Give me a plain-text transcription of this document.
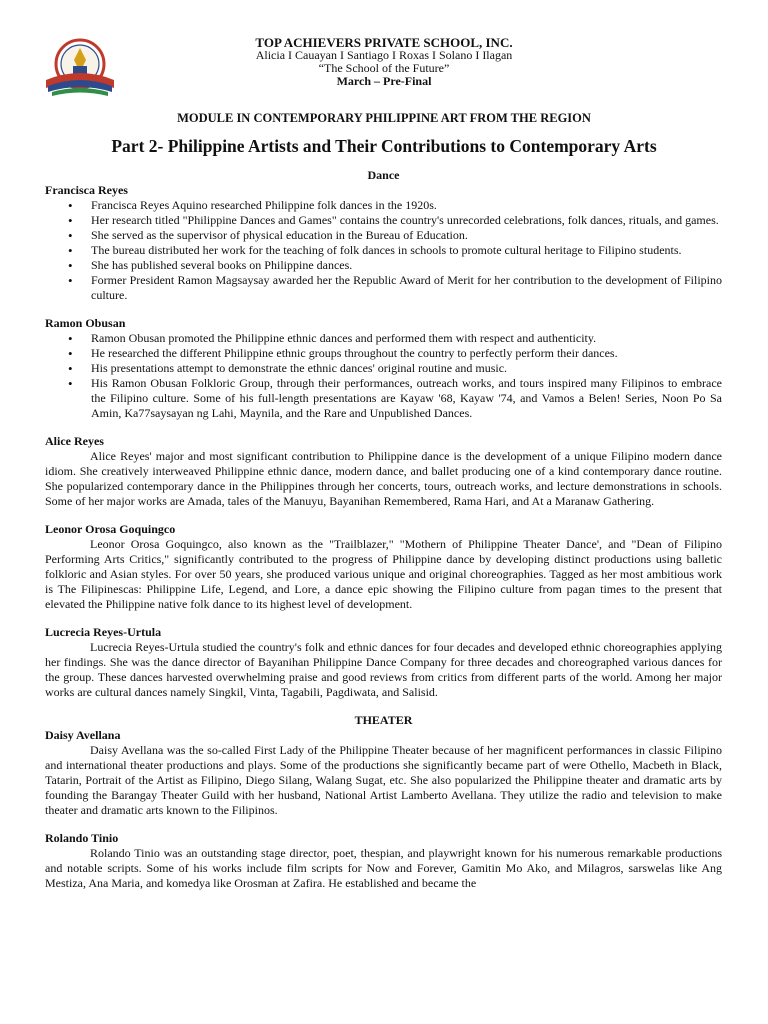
TOP ACHIEVERS PRIVATE SCHOOL, INC.
Alicia I Cauayan I Santiago I Roxas I Solano I Ilagan
“The School of the Future”
March – Pre-Final
MODULE IN CONTEMPORARY PHILIPPINE ART FROM THE REGION
Part 2- Philippine Artists and Their Contributions to Contemporary Arts
Dance
Francisca Reyes
• Francisca Reyes Aquino researched Philippine folk dances in the 1920s.
• Her research titled "Philippine Dances and Games" contains the country's unrecorded celebrations, folk dances, rituals, and games.
• She served as the supervisor of physical education in the Bureau of Education.
• The bureau distributed her work for the teaching of folk dances in schools to promote cultural heritage to Filipino students.
• She has published several books on Philippine dances.
• Former President Ramon Magsaysay awarded her the Republic Award of Merit for her contribution to the development of Filipino culture.
Ramon Obusan
• Ramon Obusan promoted the Philippine ethnic dances and performed them with respect and authenticity.
• He researched the different Philippine ethnic groups throughout the country to perfectly perform their dances.
• His presentations attempt to demonstrate the ethnic dances' original routine and music.
• His Ramon Obusan Folkloric Group, through their performances, outreach works, and tours inspired many Filipinos to embrace the Filipino culture. Some of his full-length presentations are Kayaw '68, Kayaw '74, and Vamos a Belen! Series, Noon Po Sa Amin, Ka77saysayan ng Lahi, Maynila, and the Rare and Unpublished Dances.
Alice Reyes

Alice Reyes' major and most significant contribution to Philippine dance is the development of a unique Filipino modern dance idiom. She creatively interweaved Philippine ethnic dance, modern dance, and ballet producing one of a kind contemporary dance routine. She popularized contemporary dance in the Philippines through her concerts, tours, outreach works, and lecture demonstrations in schools. Some of her major works are Amada, tales of the Manuyu, Bayanihan Remembered, Rama Hari, and At a Maranaw Gathering.

Leonor Orosa Goquingco

Leonor Orosa Goquingco, also known as the "Trailblazer," "Mothern of Philippine Theater Dance', and "Dean of Filipino Performing Arts Critics," significantly contributed to the progress of Philippine dance by developing distinct productions using balletic folkloric and Asian styles. For over 50 years, she produced various unique and original choreographies. Tagged as her most ambitious work is The Filipinescas: Philippine Life, Legend, and Lore, a dance epic showing the Filipino culture from pagan times to the present that elevated the Philippine native folk dance to its highest level of development.

Lucrecia Reyes-Urtula

Lucrecia Reyes-Urtula studied the country's folk and ethnic dances for four decades and developed ethnic choreographies applying her findings. She was the dance director of Bayanihan Philippine Dance Company for three decades and choreographed various dances for the group. These dances harvested overwhelming praise and good reviews from critics from different parts of the world. Among her major works are cultural dances namely Singkil, Vinta, Tagabili, Pagdiwata, and Salisid.

THEATER
Daisy Avellana

Daisy Avellana was the so-called First Lady of the Philippine Theater because of her magnificent performances in classic Filipino and international theater productions and plays. Some of the productions she significantly became part of were Othello, Macbeth in Black, Tatarin, Portrait of the Artist as Filipino, Diego Silang, Walang Sugat, etc. She also popularized the Philippine theater and dramatic arts by founding the Barangay Theater Guild with her husband, National Artist Lamberto Avellana. They utilize the radio and television to make theater and dramatic arts known to the Filipinos.

Rolando Tinio

Rolando Tinio was an outstanding stage director, poet, thespian, and playwright known for his numerous remarkable productions and notable scripts. Some of his works include film scripts for Now and Forever, Gamitin Mo Ako, and Milagros, sarswelas like Ang Mestiza, Ana Maria, and komedya like Orosman at Zafira. He established and became the
